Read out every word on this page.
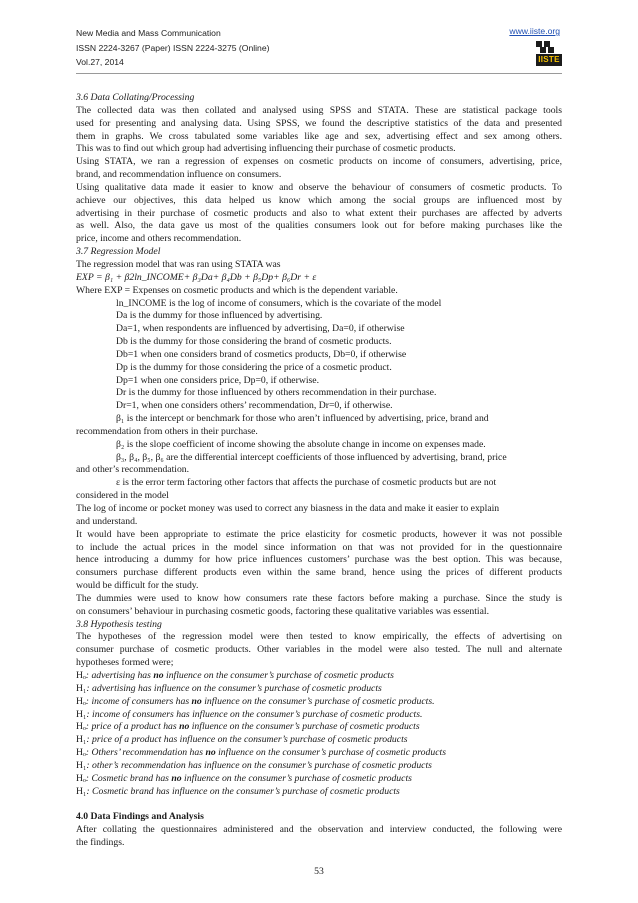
New Media and Mass Communication
ISSN 2224-3267 (Paper) ISSN 2224-3275 (Online)
Vol.27, 2014
www.iiste.org
IISTE
3.6 Data Collating/Processing
The collected data was then collated and analysed using SPSS and STATA. These are statistical package tools
used for presenting and analysing data. Using SPSS, we found the descriptive statistics of the data and presented
them in graphs. We cross tabulated some variables like age and sex, advertising effect and sex among others.
This was to find out which group had advertising influencing their purchase of cosmetic products.
Using STATA, we ran a regression of expenses on cosmetic products on income of consumers, advertising, price,
brand, and recommendation influence on consumers.
Using qualitative data made it easier to know and observe the behaviour of consumers of cosmetic products. To
achieve our objectives, this data helped us know which among the social groups are influenced most by
advertising in their purchase of cosmetic products and also to what extent their purchases are affected by adverts
as well. Also, the data gave us most of the qualities consumers look out for before making purchases like the
price, income and others recommendation.
3.7 Regression Model
The regression model that was ran using STATA was
EXP = β₁ + β2ln_INCOME+ β₃Da+ β₄Db + β₅Dp+ β₆Dr + ε
Where EXP = Expenses on cosmetic products and which is the dependent variable.
ln_INCOME is the log of income of consumers, which is the covariate of the model
Da is the dummy for those influenced by advertising.
Da=1, when respondents are influenced by advertising, Da=0, if otherwise
Db is the dummy for those considering the brand of cosmetic products.
Db=1 when one considers brand of cosmetics products, Db=0, if otherwise
Dp is the dummy for those considering the price of a cosmetic product.
Dp=1 when one considers price, Dp=0, if otherwise.
Dr is the dummy for those influenced by others recommendation in their purchase.
Dr=1, when one considers others’ recommendation, Dr=0, if otherwise.
β₁ is the intercept or benchmark for those who aren’t influenced by advertising, price, brand and
recommendation from others in their purchase.
β₂ is the slope coefficient of income showing the absolute change in income on expenses made.
β₃, β₄, β₅, β₆ are the differential intercept coefficients of those influenced by advertising, brand, price
and other’s recommendation.
ε is the error term factoring other factors that affects the purchase of cosmetic products but are not
considered in the model
The log of income or pocket money was used to correct any biasness in the data and make it easier to explain
and understand.
It would have been appropriate to estimate the price elasticity for cosmetic products, however it was not possible
to include the actual prices in the model since information on that was not provided for in the questionnaire
hence introducing a dummy for how price influences customers’ purchase was the best option. This was because,
consumers purchase different products even within the same brand, hence using the prices of different products
would be difficult for the study.
The dummies were used to know how consumers rate these factors before making a purchase. Since the study is
on consumers’ behaviour in purchasing cosmetic goods, factoring these qualitative variables was essential.
3.8 Hypothesis testing
The hypotheses of the regression model were then tested to know empirically, the effects of advertising on
consumer purchase of cosmetic products. Other variables in the model were also tested. The null and alternate
hypotheses formed were;
Hₒ: advertising has no influence on the consumer’s purchase of cosmetic products
H₁: advertising has influence on the consumer’s purchase of cosmetic products
Hₒ: income of consumers has no influence on the consumer’s purchase of cosmetic products.
H₁: income of consumers has influence on the consumer’s purchase of cosmetic products.
Hₒ: price of a product has no influence on the consumer’s purchase of cosmetic products
H₁: price of a product has influence on the consumer’s purchase of cosmetic products
Hₒ: Others’ recommendation has no influence on the consumer’s purchase of cosmetic products
H₁: other’s recommendation has influence on the consumer’s purchase of cosmetic products
Hₒ: Cosmetic brand has no influence on the consumer’s purchase of cosmetic products
H₁: Cosmetic brand has influence on the consumer’s purchase of cosmetic products
4.0 Data Findings and Analysis
After collating the questionnaires administered and the observation and interview conducted, the following were
the findings.
53
